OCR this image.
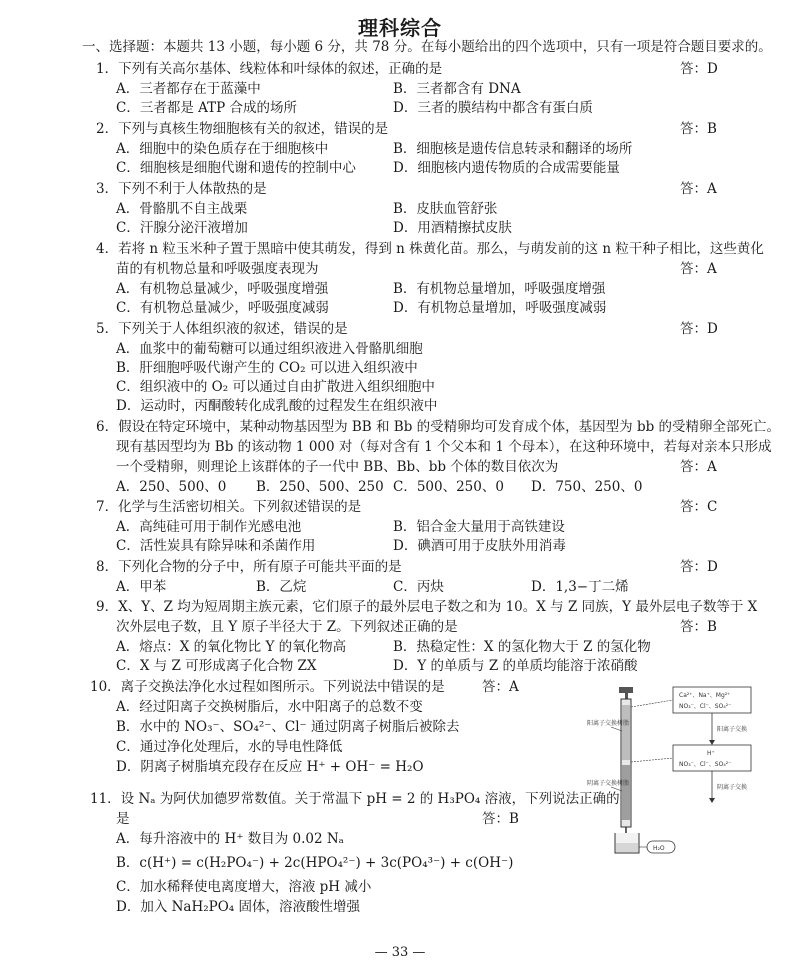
理科综合
一、选择题：本题共 13 小题，每小题 6 分，共 78 分。在每小题给出的四个选项中，只有一项是符合题目要求的。
1．下列有关高尔基体、线粒体和叶绿体的叙述，正确的是	答：D
A．三者都存在于蓝藻中	B．三者都含有 DNA
C．三者都是 ATP 合成的场所	D．三者的膜结构中都含有蛋白质
2．下列与真核生物细胞核有关的叙述，错误的是	答：B
A．细胞中的染色质存在于细胞核中	B．细胞核是遗传信息转录和翻译的场所
C．细胞核是细胞代谢和遗传的控制中心	D．细胞核内遗传物质的合成需要能量
3．下列不利于人体散热的是	答：A
A．骨骼肌不自主战栗	B．皮肤血管舒张
C．汗腺分泌汗液增加	D．用酒精擦拭皮肤
4．若将 n 粒玉米种子置于黑暗中使其萌发，得到 n 株黄化苗。那么，与萌发前的这 n 粒干种子相比，这些黄化
苗的有机物总量和呼吸强度表现为	答：A
A．有机物总量减少，呼吸强度增强	B．有机物总量增加，呼吸强度增强
C．有机物总量减少，呼吸强度减弱	D．有机物总量增加，呼吸强度减弱
5．下列关于人体组织液的叙述，错误的是	答：D
A．血浆中的葡萄糖可以通过组织液进入骨骼肌细胞
B．肝细胞呼吸代谢产生的 CO₂ 可以进入组织液中
C．组织液中的 O₂ 可以通过自由扩散进入组织细胞中
D．运动时，丙酮酸转化成乳酸的过程发生在组织液中
6．假设在特定环境中，某种动物基因型为 BB 和 Bb 的受精卵均可发育成个体，基因型为 bb 的受精卵全部死亡。
现有基因型均为 Bb 的该动物 1 000 对（每对含有 1 个父本和 1 个母本），在这种环境中，若每对亲本只形成
一个受精卵，则理论上该群体的子一代中 BB、Bb、bb 个体的数目依次为	答：A
A．250、500、0 B．250、500、250 C．500、250、0 D．750、250、0
7．化学与生活密切相关。下列叙述错误的是	答：C
A．高纯硅可用于制作光感电池	B．铝合金大量用于高铁建设
C．活性炭具有除异味和杀菌作用	D．碘酒可用于皮肤外用消毒
8．下列化合物的分子中，所有原子可能共平面的是	答：D
A．甲苯	B．乙烷	C．丙炔	D．1,3−丁二烯
9．X、Y、Z 均为短周期主族元素，它们原子的最外层电子数之和为 10。X 与 Z 同族，Y 最外层电子数等于 X
次外层电子数，且 Y 原子半径大于 Z。下列叙述正确的是	答：B
A．熔点：X 的氧化物比 Y 的氧化物高	B．热稳定性：X 的氢化物大于 Z 的氢化物
C．X 与 Z 可形成离子化合物 ZX	D．Y 的单质与 Z 的单质均能溶于浓硝酸
10．离子交换法净化水过程如图所示。下列说法中错误的是	答：A
A．经过阳离子交换树脂后，水中阳离子的总数不变
B．水中的 NO₃⁻、SO₄²⁻、Cl⁻ 通过阴离子树脂后被除去
C．通过净化处理后，水的导电性降低
D．阴离子树脂填充段存在反应 H⁺ + OH⁻ = H₂O
11．设 Nₐ 为阿伏加德罗常数值。关于常温下 pH = 2 的 H₃PO₄ 溶液，下列说法正确的
是	答：B
A．每升溶液中的 H⁺ 数目为 0.02 Nₐ
B．c(H⁺) = c(H₂PO₄⁻) + 2c(HPO₄²⁻) + 3c(PO₄³⁻) + c(OH⁻)
C．加水稀释使电离度增大，溶液 pH 减小
D．加入 NaH₂PO₄ 固体，溶液酸性增强
阳离子交换树脂
阴离子交换树脂
Ca²⁺、Na⁺、Mg²⁺
NO₃⁻、Cl⁻、SO₄²⁻
阳离子交换
H⁺
NO₃⁻、Cl⁻、SO₄²⁻
阴离子交换
H₂O
— 33 —
